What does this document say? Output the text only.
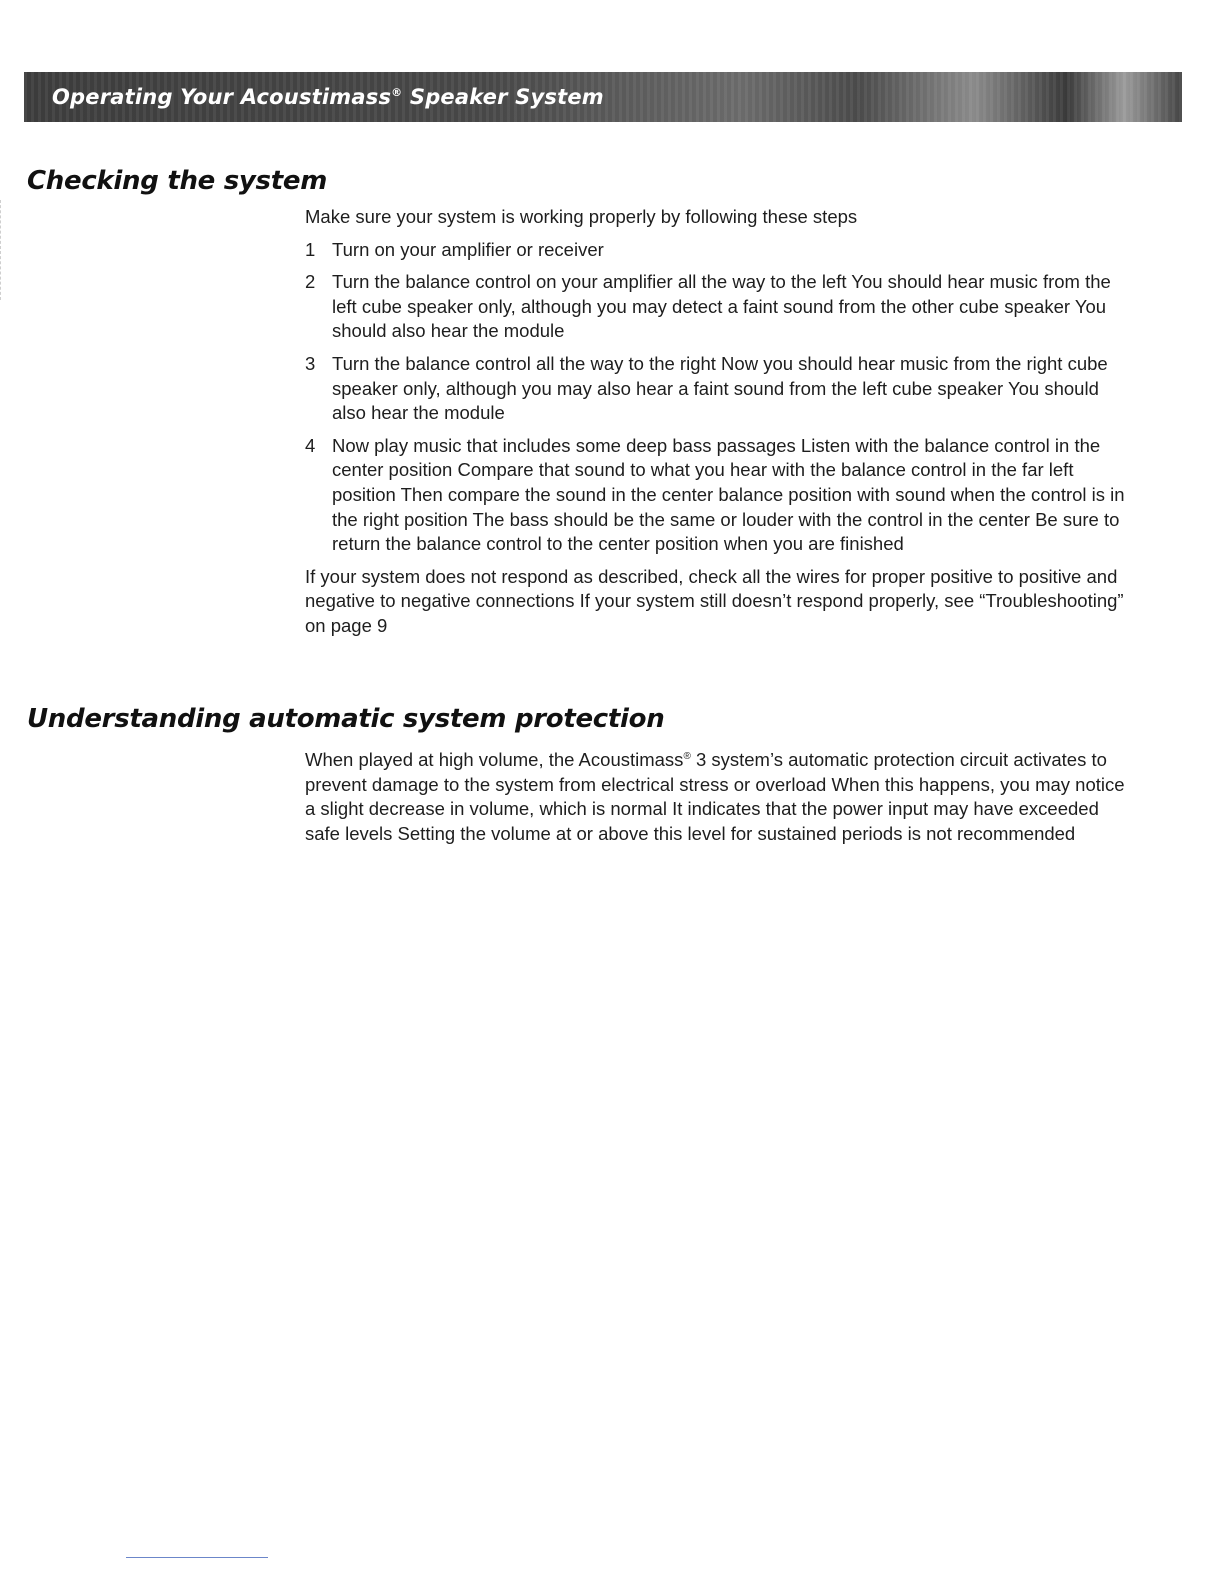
Operating Your Acoustimass® Speaker System
Checking the system

Make sure your system is working properly by following these steps

1 Turn on your amplifier or receiver
2 Turn the balance control on your amplifier all the way to the left You should hear music from the left cube speaker only, although you may detect a faint sound from the other cube speaker You should also hear the module
3 Turn the balance control all the way to the right Now you should hear music from the right cube speaker only, although you may also hear a faint sound from the left cube speaker You should also hear the module
4 Now play music that includes some deep bass passages Listen with the balance control in the center position Compare that sound to what you hear with the balance control in the far left position Then compare the sound in the center balance position with sound when the control is in the right position The bass should be the same or louder with the control in the center Be sure to return the balance control to the center position when you are finished

If your system does not respond as described, check all the wires for proper positive to positive and negative to negative connections If your system still doesn’t respond properly, see “Troubleshooting” on page 9

Understanding automatic system protection

When played at high volume, the Acoustimass® 3 system’s automatic protection circuit activates to prevent damage to the system from electrical stress or overload When this happens, you may notice a slight decrease in volume, which is normal It indicates that the power input may have exceeded safe levels Setting the volume at or above this level for sustained periods is not recommended
